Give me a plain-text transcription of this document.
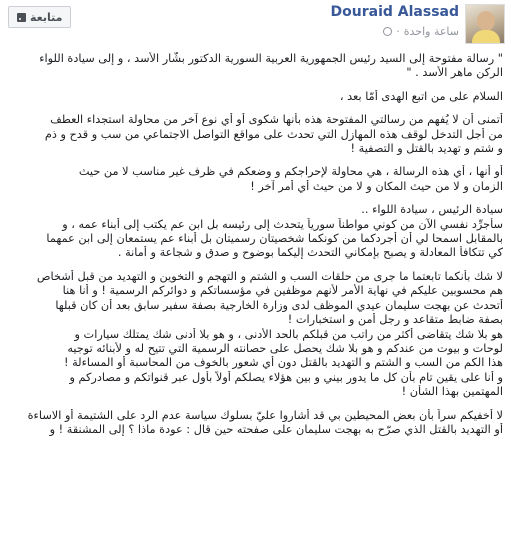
Douraid Alassad
ساعة واحدة
·
متابعة
" رسالة مفتوحة إلى السيد رئيس الجمهورية العربية السورية الدكتور بشّار الأسد ، و إلى سيادة اللواء
الركن ماهر الأسد . "
السلام على من اتبع الهدى أمّا بعد ،
أتمنى أن لا يُفهم من رسالتي المفتوحة هذه بأنها شكوى أو أي نوع آخر من محاولة استجداء العطف
من أجل التدخل لوقف هذه المهازل التي تحدث على مواقع التواصل الاجتماعي من سب و قدح و ذم
و شتم و تهديد بالقتل و التصفية !
أو أنها ، أي هذه الرسالة ، هي محاولة لإحراجكم و وضعكم في ظرف غير مناسب لا من حيث
الزمان و لا من حيث المكان و لا من حيث أي أمر آخر !
سيادة الرئيس ، سيادة اللواء ..
سأجرِّد نفسي الآن من كوني مواطناً سورياً يتحدث إلى رئيسه بل ابن عم يكتب إلى أبناء عمه ، و
بالمقابل اسمحا لي أن أجردكما من كونكما شخصيتان رسميتان بل أبناء عم يستمعان إلى ابن عمهما
كي تتكافأ المعادلة و يصبح بإمكاني التحدث إليكما بوضوح و صدق و شجاعة و أمانة .
لا شك بأنكما تابعتما ما جرى من حلقات السب و الشتم و التهجم و التخوين و التهديد من قبل أشخاص
هم محسوبين عليكم في نهاية الأمر لأنهم موظفين في مؤسساتكم و دوائركم الرسمية ! و أنا هنا
أتحدث عن بهجت سليمان عيدي الموظف لدى وزارة الخارجية بصفة سفير سابق بعد أن كان قبلها
بصفة ضابط متقاعد و رجل أمن و استخبارات !
هو بلا شك يتقاضى أكثر من راتب من قبلكم بالحد الأدنى ، و هو بلا أدنى شك يمتلك سيارات و
لوحات و بيوت من عندكم و هو بلا شك يحصل على حصانته الرسمية التي تتيح له و لأبنائه توجيه
هذا الكم من السب و الشتم و التهديد بالقتل دون أي شعور بالخوف من المحاسبة أو المساءلة !
و أنا على يقين تام بأن كل ما يدور بيني و بين هؤلاء يصلكم أولاً بأول عبر قنواتكم و مصادركم و
المهتمين بهذا الشأن !
لا أخفيكم سراً بأن بعض المحيطين بي قد أشاروا عليّ بسلوك سياسة عدم الرد على الشتيمة أو الاساءة
أو التهديد بالقتل الذي صرّح به بهجت سليمان على صفحته حين قال : عودة ماذا ؟ إلى المشنقة ! و
